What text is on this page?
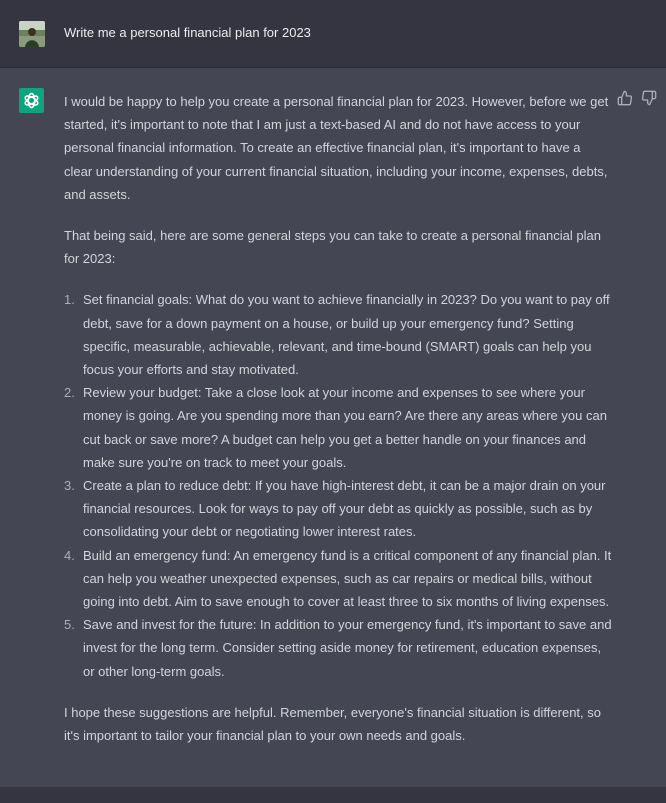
Write me a personal financial plan for 2023

I would be happy to help you create a personal financial plan for 2023. However, before we get started, it's important to note that I am just a text-based AI and do not have access to your personal financial information. To create an effective financial plan, it's important to have a clear understanding of your current financial situation, including your income, expenses, debts, and assets.

That being said, here are some general steps you can take to create a personal financial plan for 2023:

1. Set financial goals: What do you want to achieve financially in 2023? Do you want to pay off debt, save for a down payment on a house, or build up your emergency fund? Setting specific, measurable, achievable, relevant, and time-bound (SMART) goals can help you focus your efforts and stay motivated.
2. Review your budget: Take a close look at your income and expenses to see where your money is going. Are you spending more than you earn? Are there any areas where you can cut back or save more? A budget can help you get a better handle on your finances and make sure you're on track to meet your goals.
3. Create a plan to reduce debt: If you have high-interest debt, it can be a major drain on your financial resources. Look for ways to pay off your debt as quickly as possible, such as by consolidating your debt or negotiating lower interest rates.
4. Build an emergency fund: An emergency fund is a critical component of any financial plan. It can help you weather unexpected expenses, such as car repairs or medical bills, without going into debt. Aim to save enough to cover at least three to six months of living expenses.
5. Save and invest for the future: In addition to your emergency fund, it's important to save and invest for the long term. Consider setting aside money for retirement, education expenses, or other long-term goals.

I hope these suggestions are helpful. Remember, everyone's financial situation is different, so it's important to tailor your financial plan to your own needs and goals.
